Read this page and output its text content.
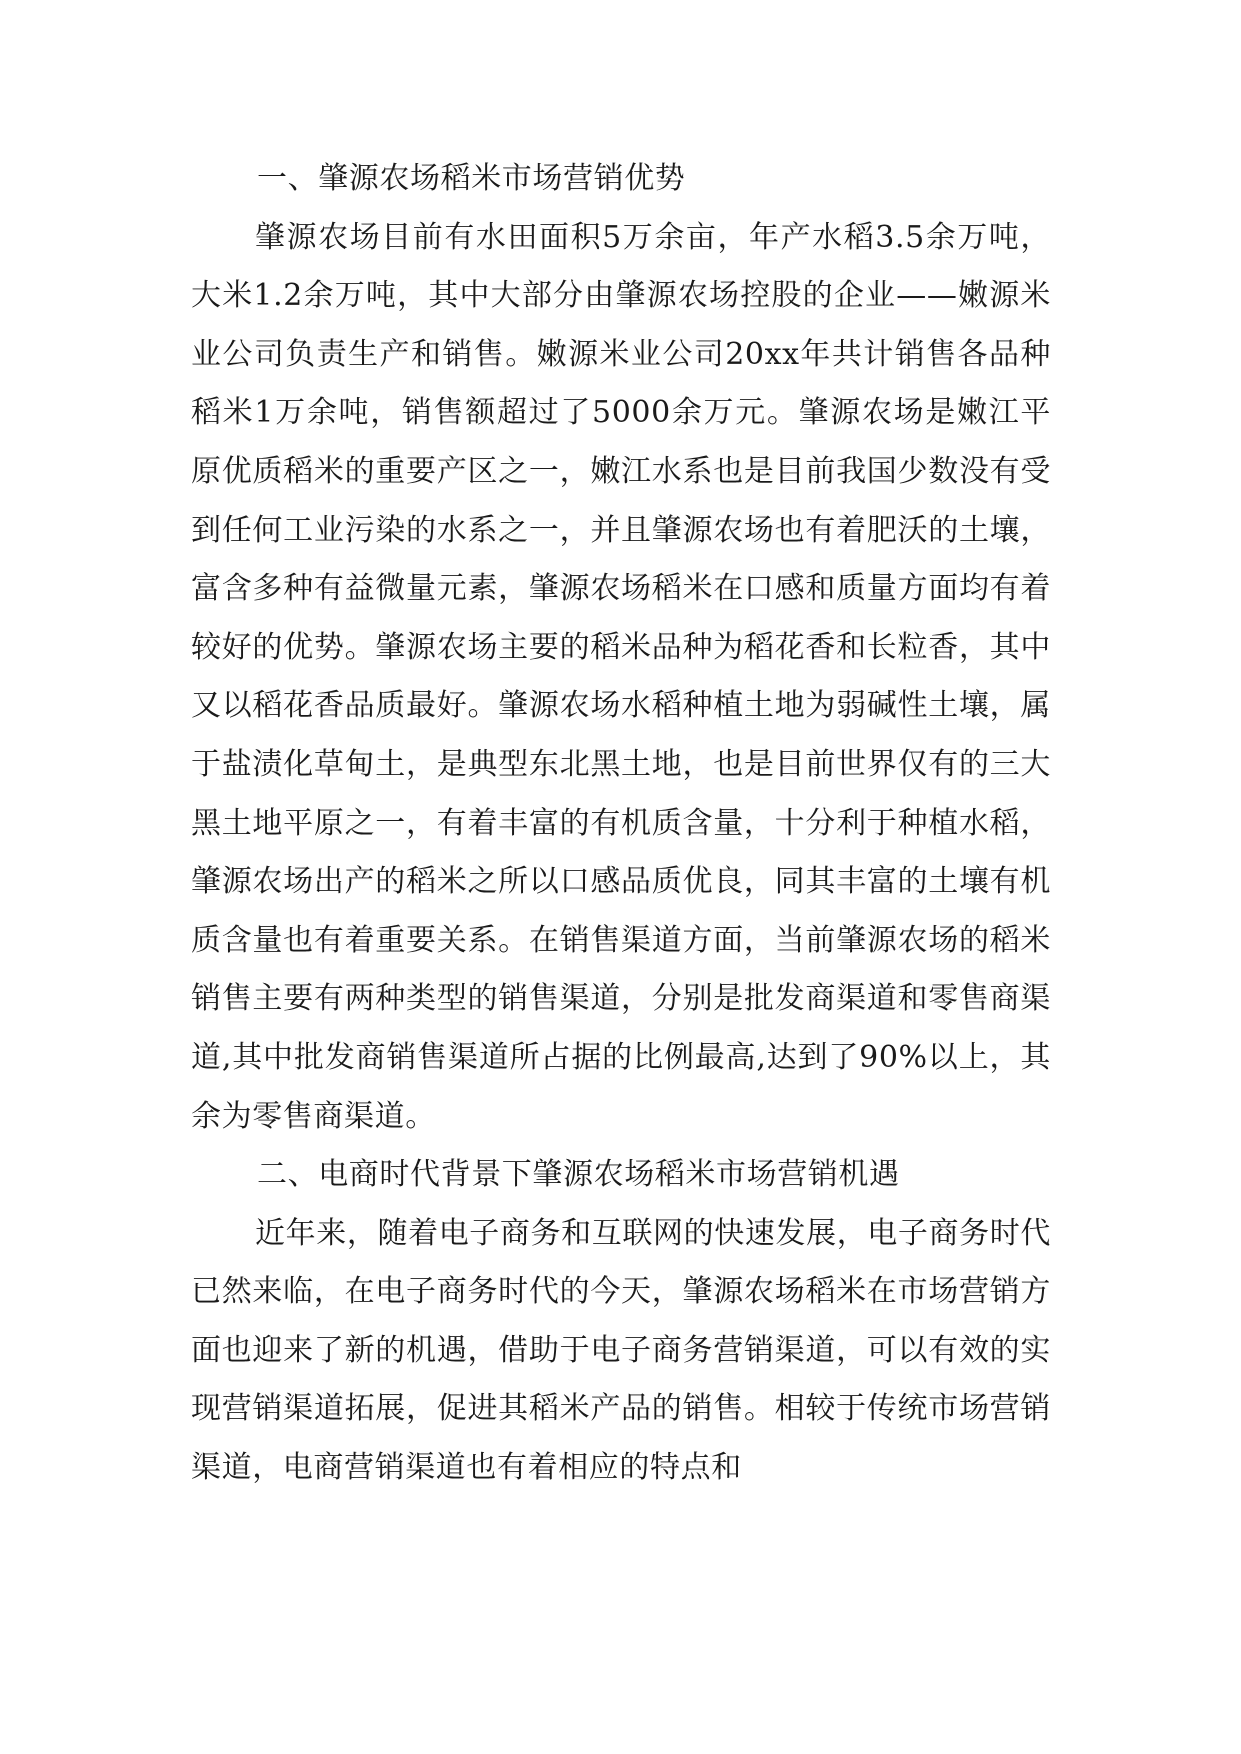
一、肇源农场稻米市场营销优势

肇源农场目前有水田面积5万余亩，年产水稻3.5余万吨，大米1.2余万吨，其中大部分由肇源农场控股的企业——嫩源米业公司负责生产和销售。嫩源米业公司20xx年共计销售各品种稻米1万余吨，销售额超过了5000余万元。肇源农场是嫩江平原优质稻米的重要产区之一，嫩江水系也是目前我国少数没有受到任何工业污染的水系之一，并且肇源农场也有着肥沃的土壤，富含多种有益微量元素，肇源农场稻米在口感和质量方面均有着较好的优势。肇源农场主要的稻米品种为稻花香和长粒香，其中又以稻花香品质最好。肇源农场水稻种植土地为弱碱性土壤，属于盐渍化草甸土，是典型东北黑土地，也是目前世界仅有的三大黑土地平原之一，有着丰富的有机质含量，十分利于种植水稻，肇源农场出产的稻米之所以口感品质优良，同其丰富的土壤有机质含量也有着重要关系。在销售渠道方面，当前肇源农场的稻米销售主要有两种类型的销售渠道，分别是批发商渠道和零售商渠道,其中批发商销售渠道所占据的比例最高,达到了90%以上，其余为零售商渠道。

二、电商时代背景下肇源农场稻米市场营销机遇

近年来，随着电子商务和互联网的快速发展，电子商务时代已然来临，在电子商务时代的今天，肇源农场稻米在市场营销方面也迎来了新的机遇，借助于电子商务营销渠道，可以有效的实现营销渠道拓展，促进其稻米产品的销售。相较于传统市场营销渠道，电商营销渠道也有着相应的特点和
